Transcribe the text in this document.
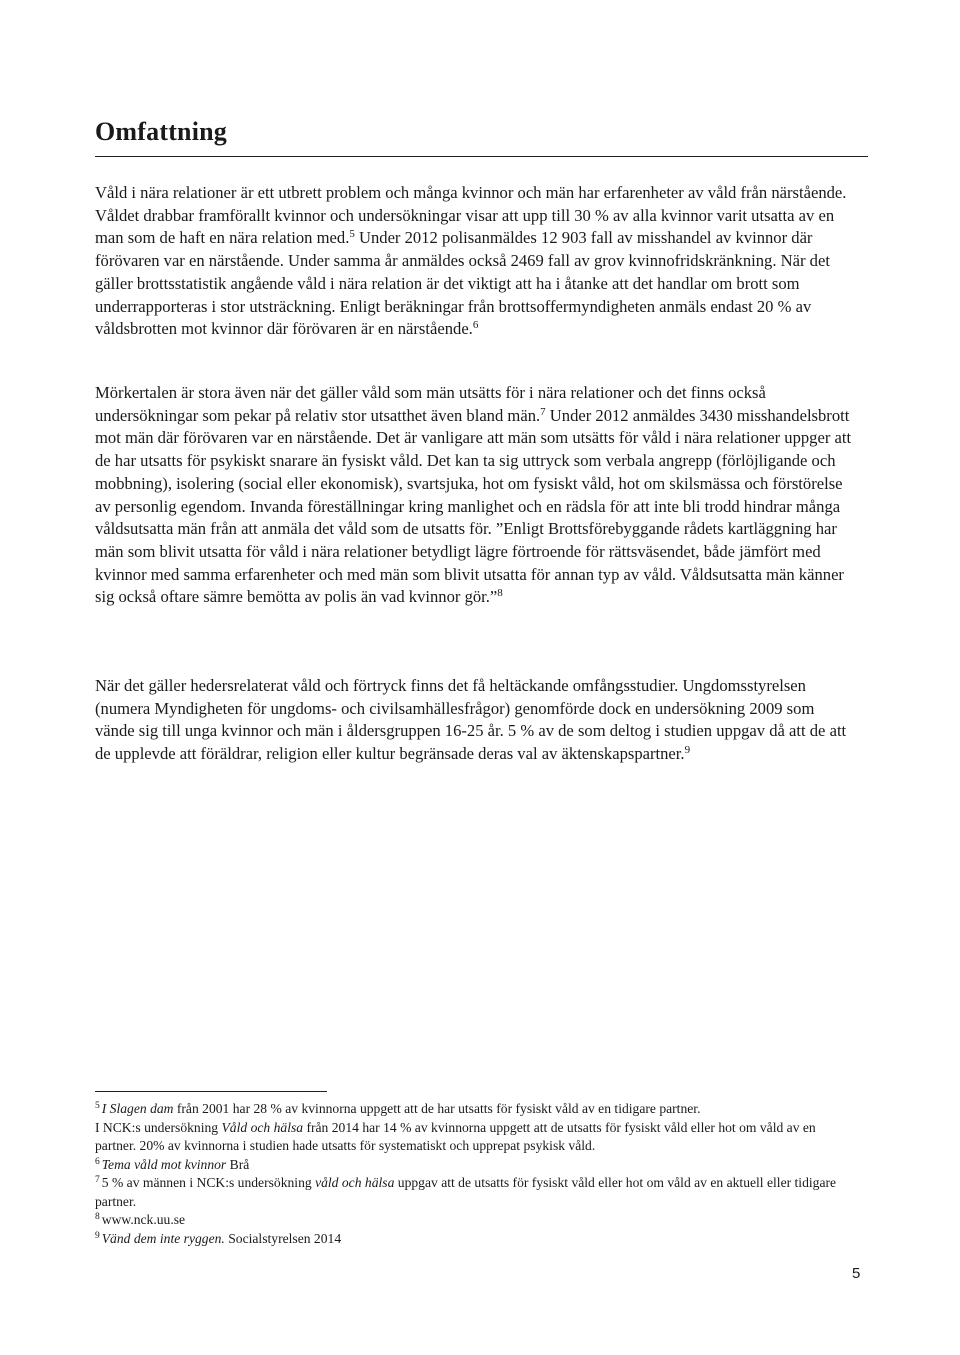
Omfattning

Våld i nära relationer är ett utbrett problem och många kvinnor och män har erfarenheter av våld från närstående. Våldet drabbar framförallt kvinnor och undersökningar visar att upp till 30 % av alla kvinnor varit utsatta av en man som de haft en nära relation med.$^5$ Under 2012 polisanmäldes 12 903 fall av misshandel av kvinnor där förövaren var en närstående. Under samma år anmäldes också 2469 fall av grov kvinnofridskränkning. När det gäller brottsstatistik angående våld i nära relation är det viktigt att ha i åtanke att det handlar om brott som underrapporteras i stor utsträckning. Enligt beräkningar från brottsoffermyndigheten anmäls endast 20 % av våldsbrotten mot kvinnor där förövaren är en närstående.$^6$

Mörkertalen är stora även när det gäller våld som män utsätts för i nära relationer och det finns också undersökningar som pekar på relativ stor utsatthet även bland män.$^7$ Under 2012 anmäldes 3430 misshandelsbrott mot män där förövaren var en närstående. Det är vanligare att män som utsätts för våld i nära relationer uppger att de har utsatts för psykiskt snarare än fysiskt våld. Det kan ta sig uttryck som verbala angrepp (förlöjligande och mobbning), isolering (social eller ekonomisk), svartsjuka, hot om fysiskt våld, hot om skilsmässa och förstörelse av personlig egendom. Invanda föreställningar kring manlighet och en rädsla för att inte bli trodd hindrar många våldsutsatta män från att anmäla det våld som de utsatts för. ”Enligt Brottsförebyggande rådets kartläggning har män som blivit utsatta för våld i nära relationer betydligt lägre förtroende för rättsväsendet, både jämfört med kvinnor med samma erfarenheter och med män som blivit utsatta för annan typ av våld. Våldsutsatta män känner sig också oftare sämre bemötta av polis än vad kvinnor gör.”$^8$

När det gäller hedersrelaterat våld och förtryck finns det få heltäckande omfångsstudier. Ungdomsstyrelsen (numera Myndigheten för ungdoms- och civilsamhällesfrågor) genomförde dock en undersökning 2009 som vände sig till unga kvinnor och män i åldersgruppen 16-25 år. 5 % av de som deltog i studien uppgav då att de att de upplevde att föräldrar, religion eller kultur begränsade deras val av äktenskapspartner.$^9$

$^5$ I Slagen dam från 2001 har 28 % av kvinnorna uppgett att de har utsatts för fysiskt våld av en tidigare partner.
I NCK:s undersökning Våld och hälsa från 2014 har 14 % av kvinnorna uppgett att de utsatts för fysiskt våld eller hot om våld av en partner. 20% av kvinnorna i studien hade utsatts för systematiskt och upprepat psykisk våld.

$^6$ Tema våld mot kvinnor Brå

$^7$ 5 % av männen i NCK:s undersökning våld och hälsa uppgav att de utsatts för fysiskt våld eller hot om våld av en aktuell eller tidigare partner.

$^8$ www.nck.uu.se

$^9$ Vänd dem inte ryggen. Socialstyrelsen 2014

5
